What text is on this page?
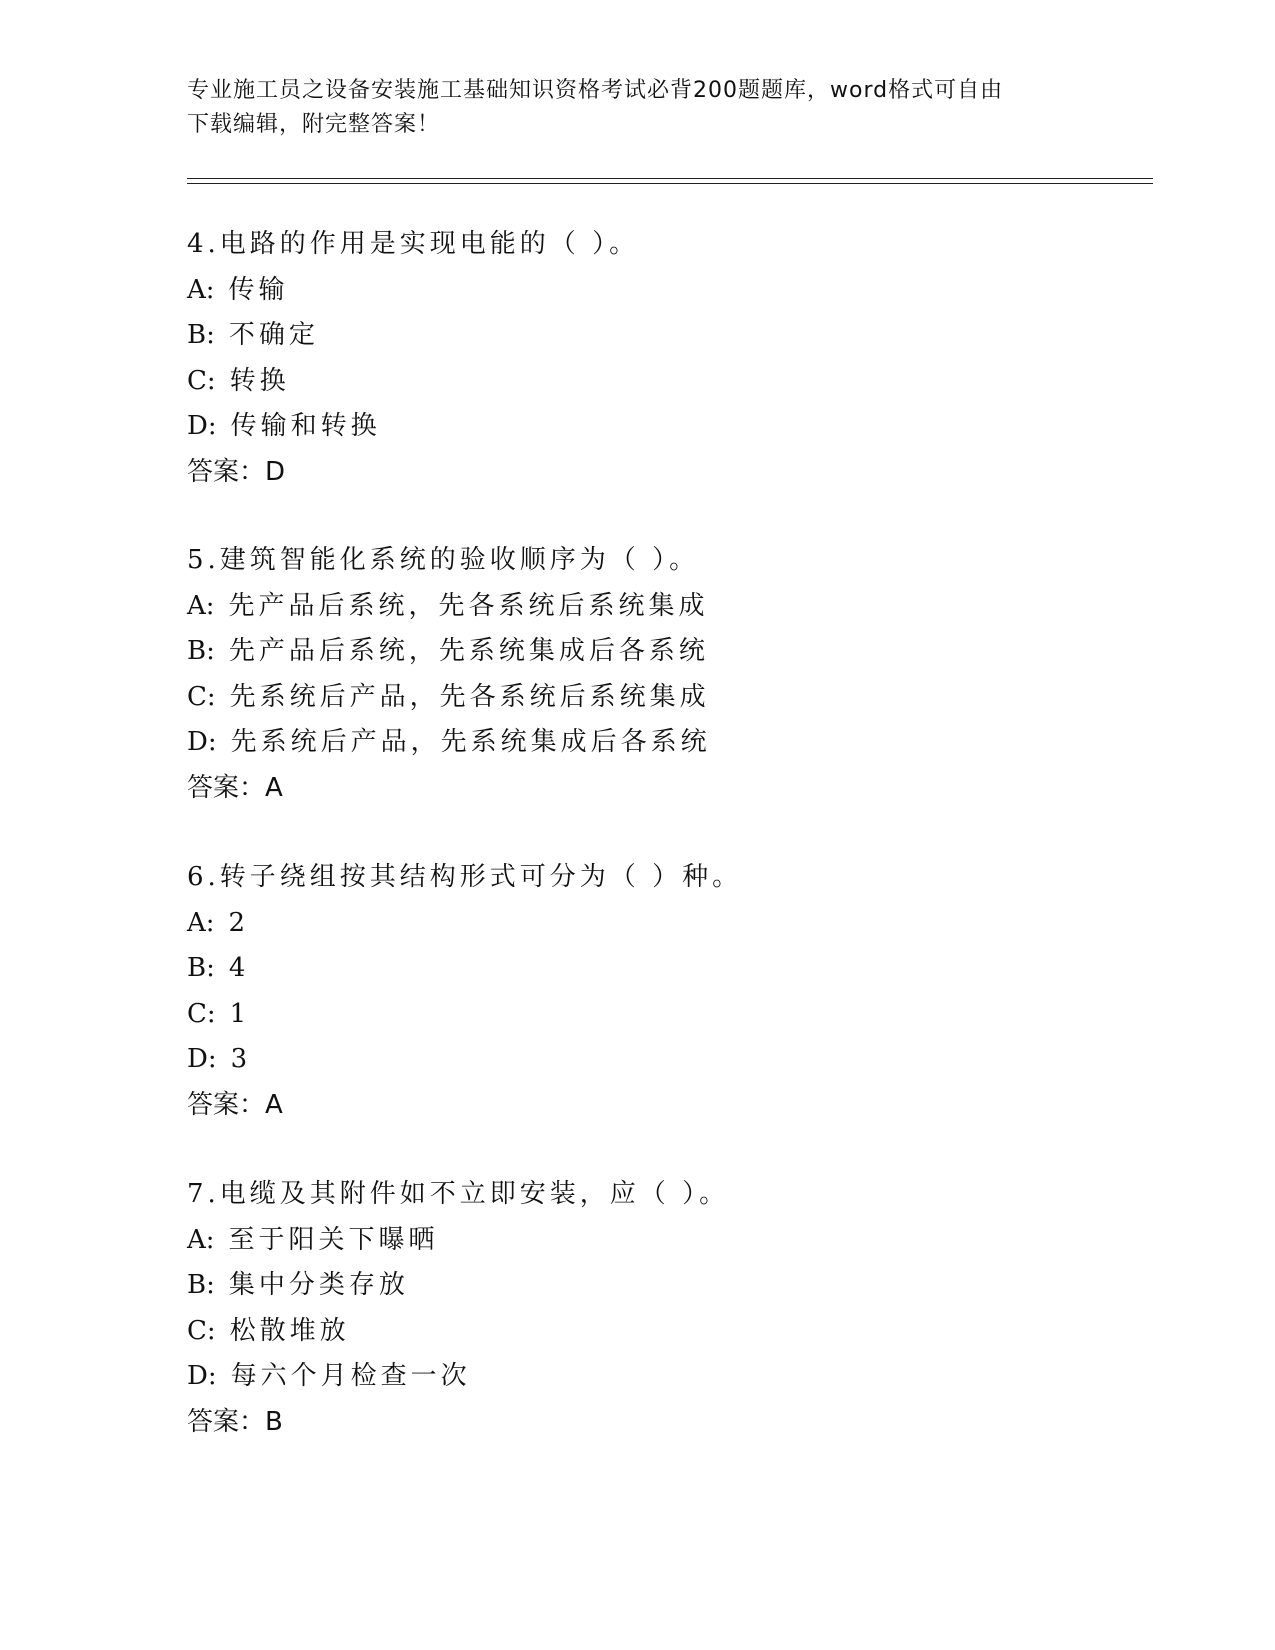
专业施工员之设备安装施工基础知识资格考试必背200题题库，word格式可自由
下载编辑，附完整答案！
4.电路的作用是实现电能的（ ）。
A: 传输
B: 不确定
C: 转换
D: 传输和转换
答案：D
5.建筑智能化系统的验收顺序为（ ）。
A: 先产品后系统，先各系统后系统集成
B: 先产品后系统，先系统集成后各系统
C: 先系统后产品，先各系统后系统集成
D: 先系统后产品，先系统集成后各系统
答案：A
6.转子绕组按其结构形式可分为（ ）种。
A: 2
B: 4
C: 1
D: 3
答案：A
7.电缆及其附件如不立即安装，应（ ）。
A: 至于阳关下曝晒
B: 集中分类存放
C: 松散堆放
D: 每六个月检查一次
答案：B
